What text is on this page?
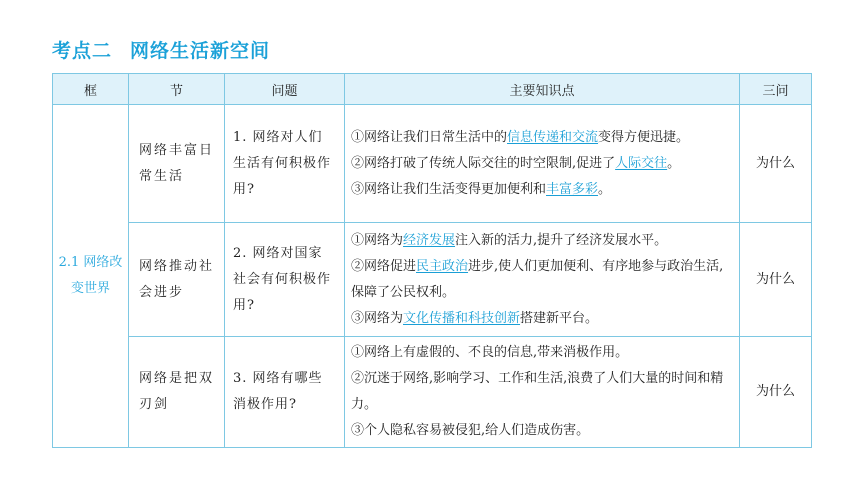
考点二 网络生活新空间
框	节	问题	主要知识点	三问
2.1 网络改变世界	网络丰富日常生活	1. 网络对人们生活有何积极作用?	①网络让我们日常生活中的信息传递和交流变得方便迅捷。
②网络打破了传统人际交往的时空限制,促进了人际交往。
③网络让我们生活变得更加便利和丰富多彩。	为什么
	网络推动社会进步	2. 网络对国家社会有何积极作用?	①网络为经济发展注入新的活力,提升了经济发展水平。
②网络促进民主政治进步,使人们更加便利、有序地参与政治生活,保障了公民权利。
③网络为文化传播和科技创新搭建新平台。	为什么
	网络是把双刃剑	3. 网络有哪些消极作用?	①网络上有虚假的、不良的信息,带来消极作用。
②沉迷于网络,影响学习、工作和生活,浪费了人们大量的时间和精力。
③个人隐私容易被侵犯,给人们造成伤害。	为什么
